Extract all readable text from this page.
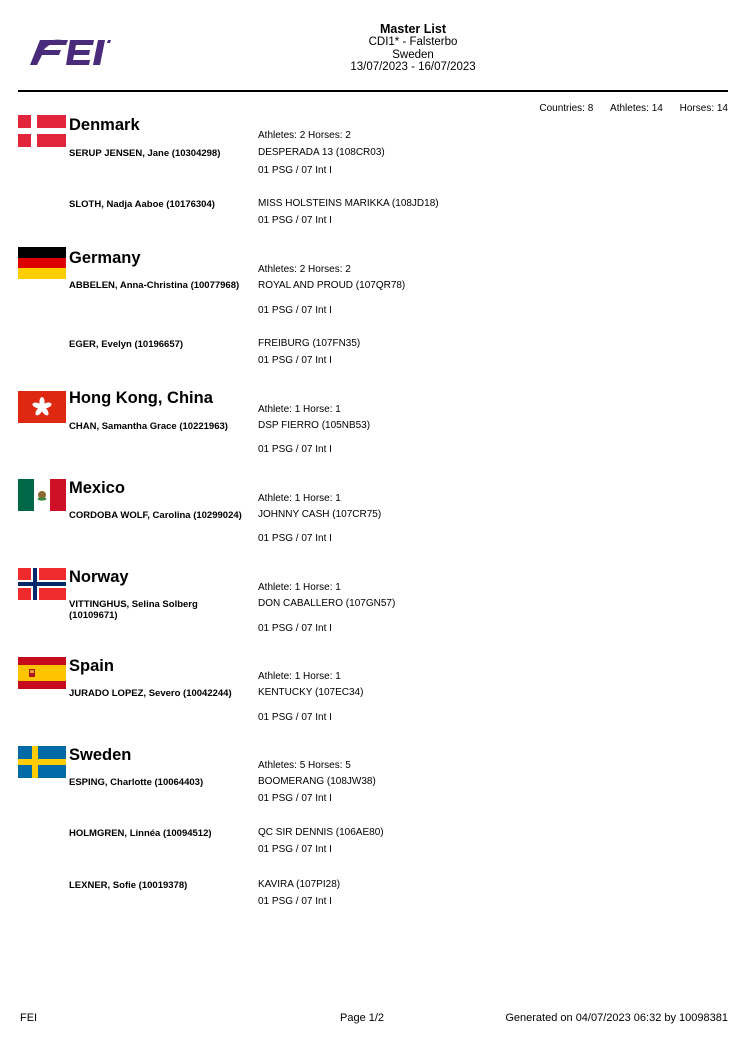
Master List
CDI1* - Falsterbo
Sweden
13/07/2023 - 16/07/2023
Countries: 8 Athletes: 14 Horses: 14
Denmark
Athletes: 2 Horses: 2
SERUP JENSEN, Jane (10304298)	DESPERADA 13 (108CR03)
01 PSG / 07 Int I
SLOTH, Nadja Aaboe (10176304)	MISS HOLSTEINS MARIKKA (108JD18)
01 PSG / 07 Int I
Germany
Athletes: 2 Horses: 2
ABBELEN, Anna-Christina (10077968)	ROYAL AND PROUD (107QR78)
01 PSG / 07 Int I
EGER, Evelyn (10196657)	FREIBURG (107FN35)
01 PSG / 07 Int I
Hong Kong, China
Athlete: 1 Horse: 1
CHAN, Samantha Grace (10221963)	DSP FIERRO (105NB53)
01 PSG / 07 Int I
Mexico
Athlete: 1 Horse: 1
CORDOBA WOLF, Carolina (10299024)	JOHNNY CASH (107CR75)
01 PSG / 07 Int I
Norway
Athlete: 1 Horse: 1
VITTINGHUS, Selina Solberg (10109671)
DON CABALLERO (107GN57)
01 PSG / 07 Int I
Spain
Athlete: 1 Horse: 1
JURADO LOPEZ, Severo (10042244)	KENTUCKY (107EC34)
01 PSG / 07 Int I
Sweden
Athletes: 5 Horses: 5
ESPING, Charlotte (10064403)	BOOMERANG (108JW38)
01 PSG / 07 Int I
HOLMGREN, Linnéa (10094512)	QC SIR DENNIS (106AE80)
01 PSG / 07 Int I
LEXNER, Sofie (10019378)	KAVIRA (107PI28)
01 PSG / 07 Int I
FEI	Page 1/2	Generated on 04/07/2023 06:32 by 10098381
